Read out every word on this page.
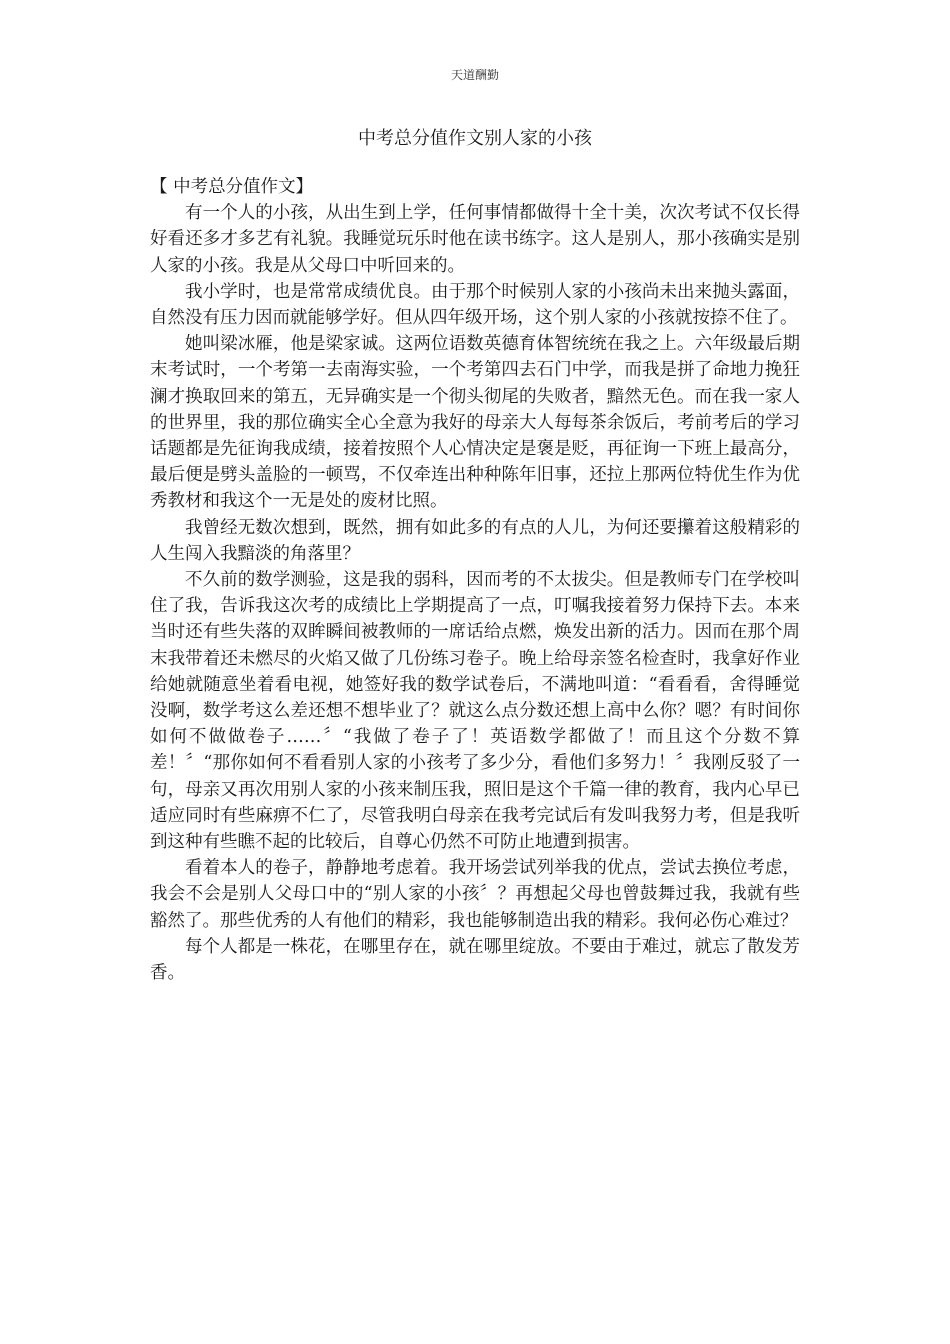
天道酬勤
中考总分值作文别人家的小孩

【 中考总分值作文】

有一个人的小孩，从出生到上学，任何事情都做得十全十美，次次考试不仅长得好看还多才多艺有礼貌。我睡觉玩乐时他在读书练字。这人是别人，那小孩确实是别人家的小孩。我是从父母口中听回来的。

我小学时，也是常常成绩优良。由于那个时候别人家的小孩尚未出来抛头露面，自然没有压力因而就能够学好。但从四年级开场，这个别人家的小孩就按捺不住了。

她叫梁冰雁，他是梁家诚。这两位语数英德育体智统统在我之上。六年级最后期末考试时，一个考第一去南海实验，一个考第四去石门中学，而我是拼了命地力挽狂澜才换取回来的第五，无异确实是一个彻头彻尾的失败者，黯然无色。而在我一家人的世界里，我的那位确实全心全意为我好的母亲大人每每茶余饭后，考前考后的学习话题都是先征询我成绩，接着按照个人心情决定是褒是贬，再征询一下班上最高分，最后便是劈头盖脸的一顿骂，不仅牵连出种种陈年旧事，还拉上那两位特优生作为优秀教材和我这个一无是处的废材比照。

我曾经无数次想到，既然，拥有如此多的有点的人儿，为何还要攥着这般精彩的人生闯入我黯淡的角落里？

不久前的数学测验，这是我的弱科，因而考的不太拔尖。但是教师专门在学校叫住了我，告诉我这次考的成绩比上学期提高了一点，叮嘱我接着努力保持下去。本来当时还有些失落的双眸瞬间被教师的一席话给点燃，焕发出新的活力。因而在那个周末我带着还未燃尽的火焰又做了几份练习卷子。晚上给母亲签名检查时，我拿好作业给她就随意坐着看电视，她签好我的数学试卷后，不满地叫道：“看看看，舍得睡觉没啊，数学考这么差还想不想毕业了？就这么点分数还想上高中么你？嗯？有时间你如何不做做卷子……〞“我做了卷子了！英语数学都做了！而且这个分数不算差！〞“那你如何不看看别人家的小孩考了多少分，看他们多努力！〞我刚反驳了一句，母亲又再次用别人家的小孩来制压我，照旧是这个千篇一律的教育，我内心早已适应同时有些麻痹不仁了，尽管我明白母亲在我考完试后有发叫我努力考，但是我听到这种有些瞧不起的比较后，自尊心仍然不可防止地遭到损害。

看着本人的卷子，静静地考虑着。我开场尝试列举我的优点，尝试去换位考虑，我会不会是别人父母口中的“别人家的小孩〞？再想起父母也曾鼓舞过我，我就有些豁然了。那些优秀的人有他们的精彩，我也能够制造出我的精彩。我何必伤心难过？

每个人都是一株花，在哪里存在，就在哪里绽放。不要由于难过，就忘了散发芳香。
